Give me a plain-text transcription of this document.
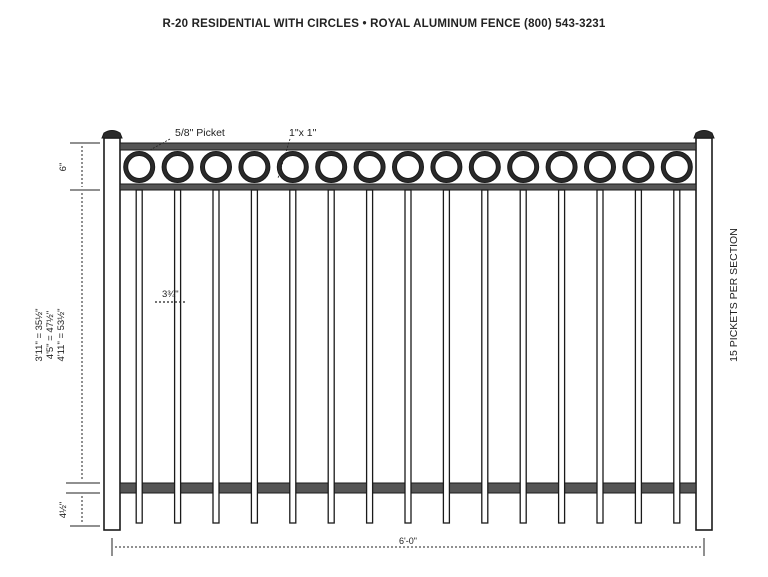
R-20 RESIDENTIAL WITH CIRCLES • ROYAL ALUMINUM FENCE (800) 543-3231
6"
4½"
3'11" = 35½" 4'5" = 47½" 4'11" = 53½"
5/8" Picket	1"x 1"
3¾"
6'-0"
15 PICKETS PER SECTION
